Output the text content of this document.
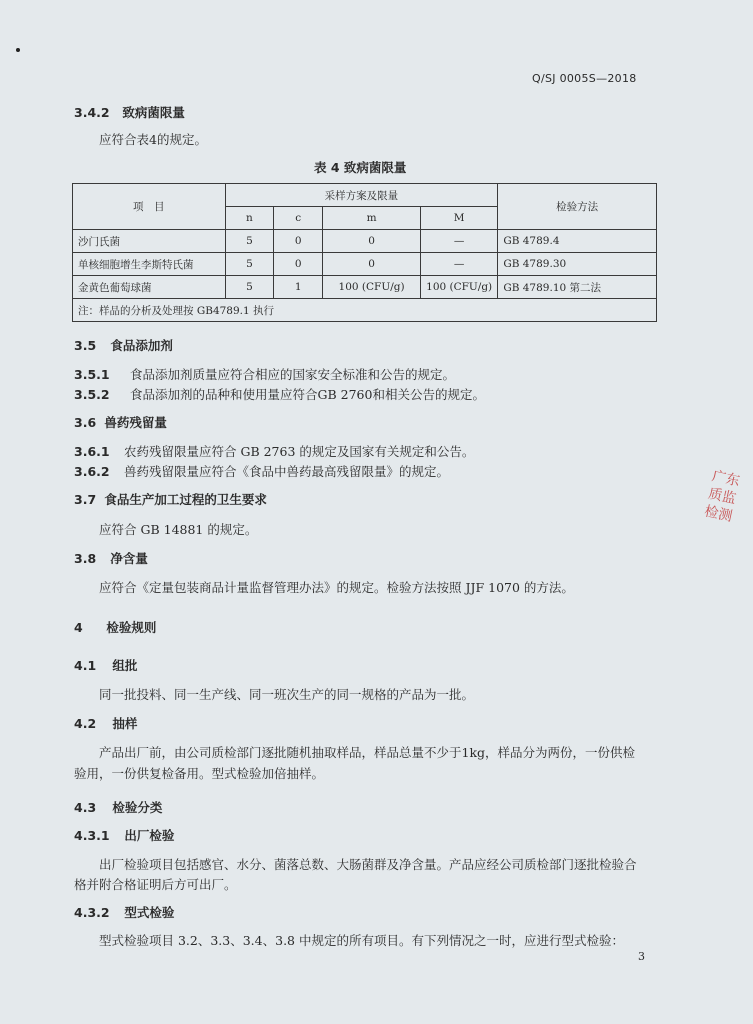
Q/SJ 0005S—2018
3.4.2 致病菌限量
应符合表4的规定。
表 4 致病菌限量
项　目	采样方案及限量				检验方法
	n	c	m	M	
沙门氏菌	5	0	0	—	GB 4789.4
单核细胞增生李斯特氏菌	5	0	0	—	GB 4789.30
金黄色葡萄球菌	5	1	100 (CFU/g)	100 (CFU/g)	GB 4789.10 第二法
注：样品的分析及处理按 GB4789.1 执行					
3.5 食品添加剂
3.5.1 食品添加剂质量应符合相应的国家安全标准和公告的规定。
3.5.2 食品添加剂的品种和使用量应符合GB 2760和相关公告的规定。
3.6 兽药残留量
3.6.1 农药残留限量应符合 GB 2763 的规定及国家有关规定和公告。
3.6.2 兽药残留限量应符合《食品中兽药最高残留限量》的规定。
3.7 食品生产加工过程的卫生要求
应符合 GB 14881 的规定。
3.8 净含量
应符合《定量包装商品计量监督管理办法》的规定。检验方法按照 JJF 1070 的方法。
4 检验规则
4.1 组批
同一批投料、同一生产线、同一班次生产的同一规格的产品为一批。
4.2 抽样
产品出厂前，由公司质检部门逐批随机抽取样品，样品总量不少于1kg，样品分为两份，一份供检
验用，一份供复检备用。型式检验加倍抽样。
4.3 检验分类
4.3.1 出厂检验
出厂检验项目包括感官、水分、菌落总数、大肠菌群及净含量。产品应经公司质检部门逐批检验合
格并附合格证明后方可出厂。
4.3.2 型式检验
型式检验项目 3.2、3.3、3.4、3.8 中规定的所有项目。有下列情况之一时，应进行型式检验：
3
广东质监检测
